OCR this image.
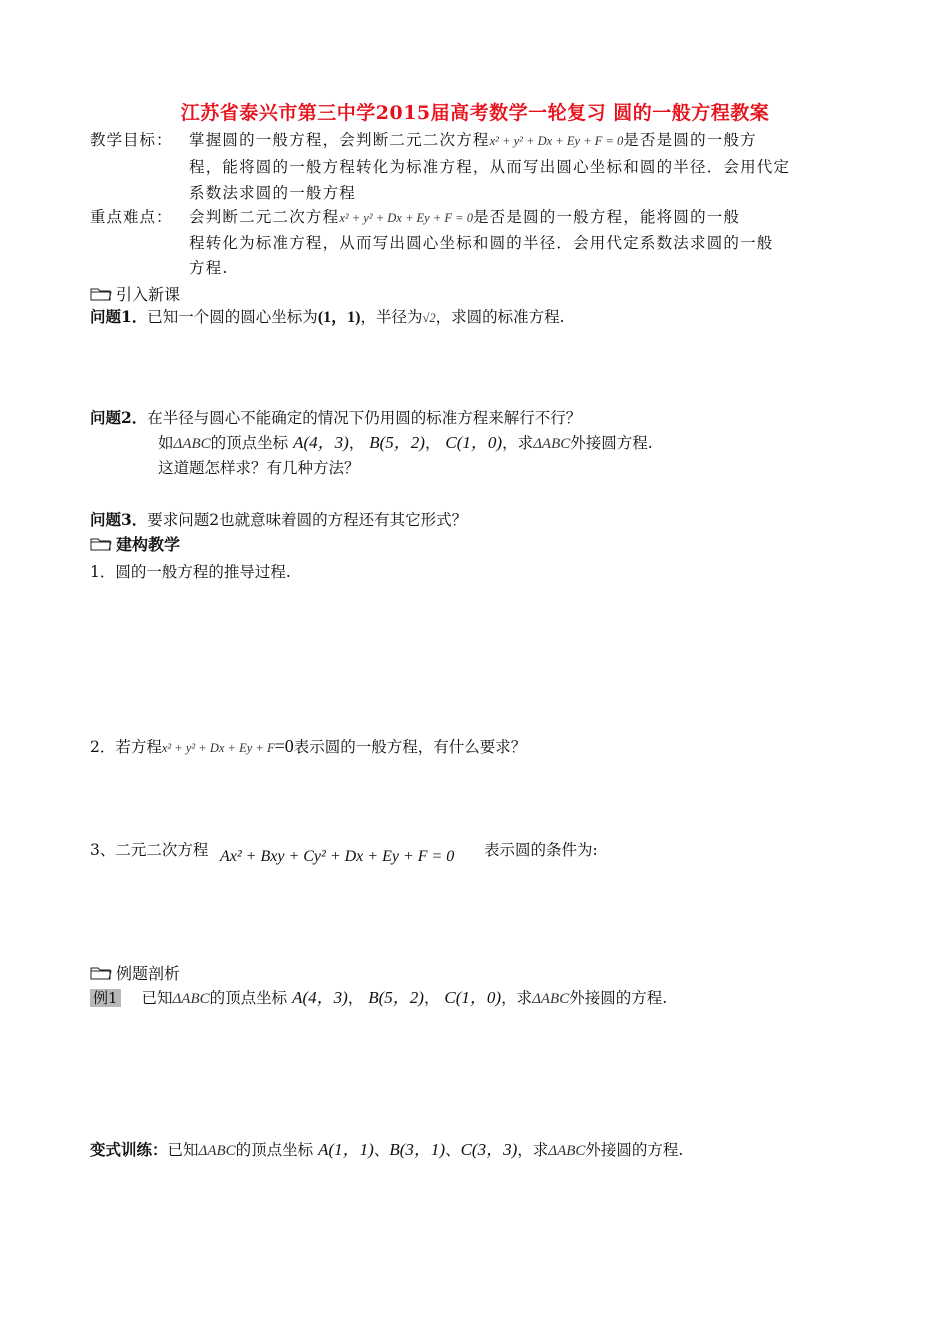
江苏省泰兴市第三中学2015届高考数学一轮复习 圆的一般方程教案
教学目标：	掌握圆的一般方程，会判断二元二次方程x² + y² + Dx + Ey + F = 0是否是圆的一般方
程，能将圆的一般方程转化为标准方程，从而写出圆心坐标和圆的半径．会用代定
系数法求圆的一般方程
重点难点：	会判断二元二次方程x² + y² + Dx + Ey + F = 0是否是圆的一般方程，能将圆的一般
程转化为标准方程，从而写出圆心坐标和圆的半径．会用代定系数法求圆的一般
方程.
引入新课
问题1．已知一个圆的圆心坐标为(1，1)，半径为√2，求圆的标准方程.
问题2．在半径与圆心不能确定的情况下仍用圆的标准方程来解行不行？
如ΔABC的顶点坐标 A(4，3)， B(5，2)， C(1，0)，求ΔABC外接圆方程.
这道题怎样求？有几种方法？
问题3．要求问题2也就意味着圆的方程还有其它形式？
建构教学
1．圆的一般方程的推导过程.
2．若方程x² + y² + Dx + Ey + F=0表示圆的一般方程，有什么要求？
3、二元二次方程 Ax² + Bxy + Cy² + Dx + Ey + F = 0 表示圆的条件为:
例题剖析
例1 已知ΔABC的顶点坐标 A(4，3)， B(5，2)， C(1，0)，求ΔABC外接圆的方程.
变式训练：已知ΔABC的顶点坐标 A(1，1)、B(3，1)、C(3，3)，求ΔABC外接圆的方程.
